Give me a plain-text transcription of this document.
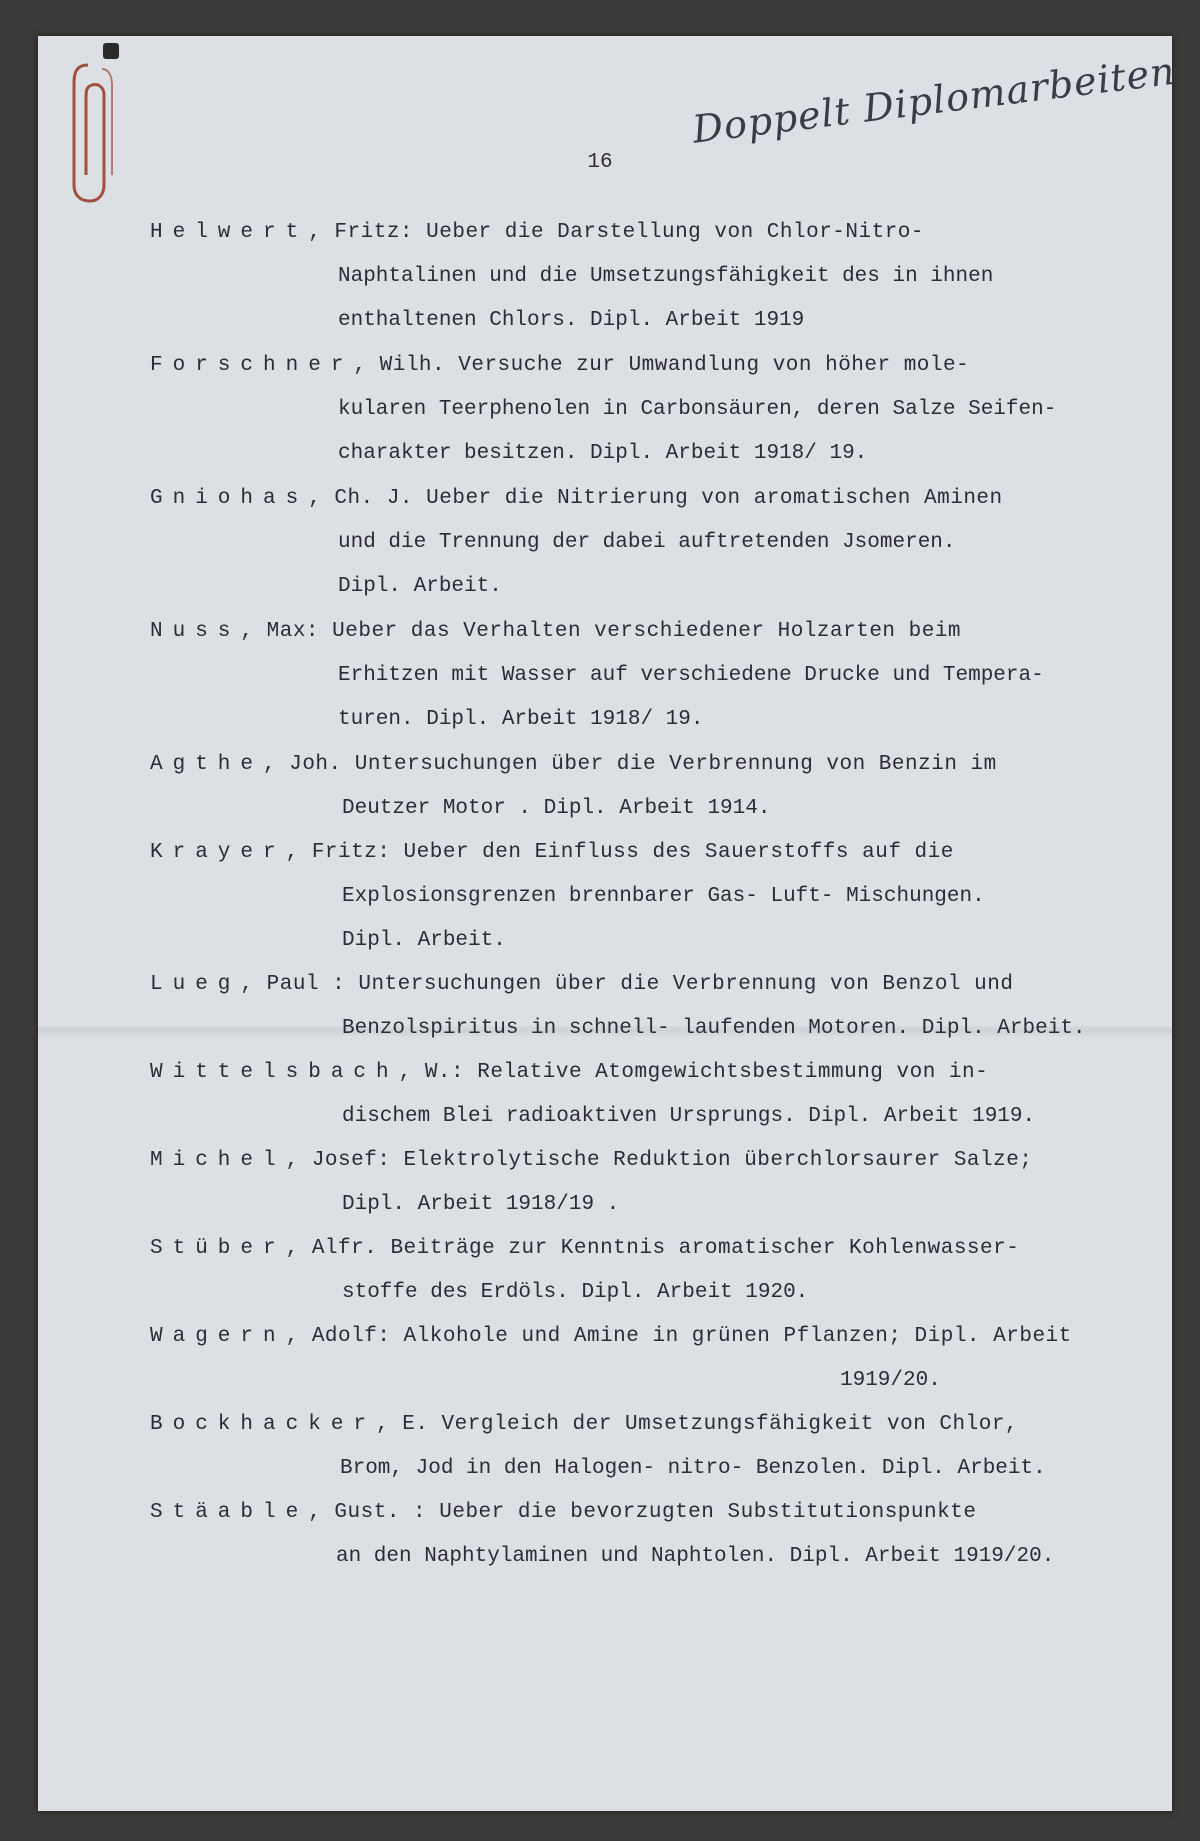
16
Doppelt Diplomarbeiten
Helwert, Fritz: Ueber die Darstellung von Chlor-Nitro-
Naphtalinen und die Umsetzungsfähigkeit des in ihnen
enthaltenen Chlors. Dipl. Arbeit 1919
Forschner, Wilh. Versuche zur Umwandlung von höher mole-
kularen Teerphenolen in Carbonsäuren, deren Salze Seifen-
charakter besitzen. Dipl. Arbeit 1918/ 19.
Gniohas, Ch. J. Ueber die Nitrierung von aromatischen Aminen
und die Trennung der dabei auftretenden Jsomeren.
Dipl. Arbeit.
Nuss, Max: Ueber das Verhalten verschiedener Holzarten beim
Erhitzen mit Wasser auf verschiedene Drucke und Tempera-
turen. Dipl. Arbeit 1918/ 19.
Agthe, Joh. Untersuchungen über die Verbrennung von Benzin im
Deutzer Motor . Dipl. Arbeit 1914.
Krayer, Fritz: Ueber den Einfluss des Sauerstoffs auf die
Explosionsgrenzen brennbarer Gas- Luft- Mischungen.
Dipl. Arbeit.
Lueg, Paul : Untersuchungen über die Verbrennung von Benzol und
Benzolspiritus in schnell- laufenden Motoren. Dipl. Arbeit.
Wittelsbach, W.: Relative Atomgewichtsbestimmung von in-
dischem Blei radioaktiven Ursprungs. Dipl. Arbeit 1919.
Michel, Josef: Elektrolytische Reduktion überchlorsaurer Salze;
Dipl. Arbeit 1918/19 .
Stüber, Alfr. Beiträge zur Kenntnis aromatischer Kohlenwasser-
stoffe des Erdöls. Dipl. Arbeit 1920.
Wagern, Adolf: Alkohole und Amine in grünen Pflanzen; Dipl. Arbeit
1919/20.
Bockhacker, E. Vergleich der Umsetzungsfähigkeit von Chlor,
Brom, Jod in den Halogen- nitro- Benzolen. Dipl. Arbeit.
Stäable, Gust. : Ueber die bevorzugten Substitutionspunkte
an den Naphtylaminen und Naphtolen. Dipl. Arbeit 1919/20.
